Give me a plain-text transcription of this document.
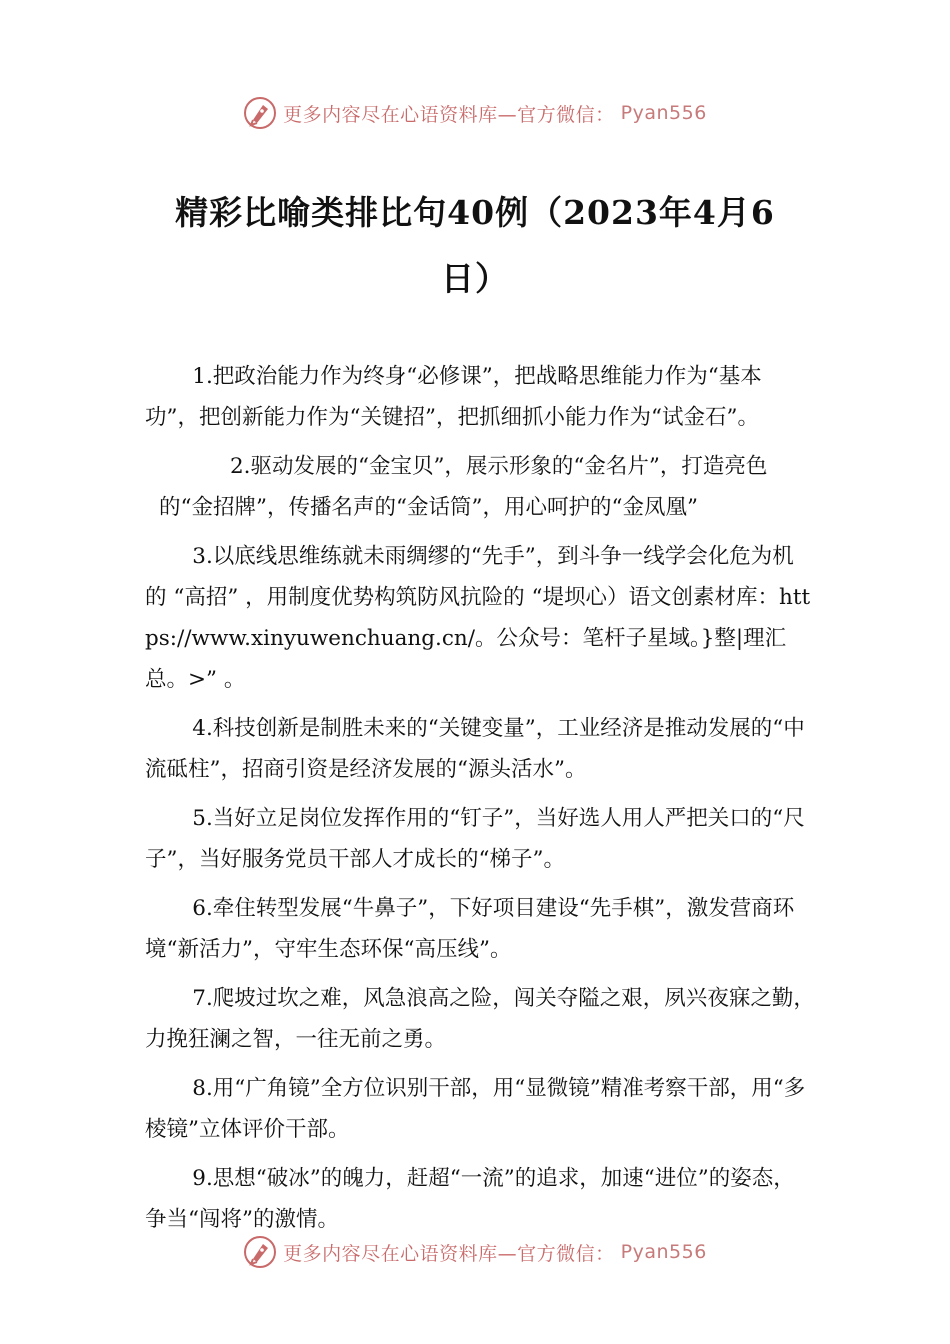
更多内容尽在心语资料库—官方微信： Pyan556
精彩比喻类排比句40例（2023年4月6日）

1.把政治能力作为终身“必修课”，把战略思维能力作为“基本功”，把创新能力作为“关键招”，把抓细抓小能力作为“试金石”。

2.驱动发展的“金宝贝”，展示形象的“金名片”，打造亮色的“金招牌”，传播名声的“金话筒”，用心呵护的“金凤凰”

3.以底线思维练就未雨绸缪的“先手”，到斗争一线学会化危为机的 “高招” ，用制度优势构筑防风抗险的 “堤坝心）语文创素材库：https://www.xinyuwenchuang.cn/。公众号：笔杆子星域。}整|理汇总。>” 。

4.科技创新是制胜未来的“关键变量”，工业经济是推动发展的“中流砥柱”，招商引资是经济发展的“源头活水”。

5.当好立足岗位发挥作用的“钉子”，当好选人用人严把关口的“尺子”，当好服务党员干部人才成长的“梯子”。

6.牵住转型发展“牛鼻子”，下好项目建设“先手棋”，激发营商环境“新活力”，守牢生态环保“高压线”。

7.爬坡过坎之难，风急浪高之险，闯关夺隘之艰，夙兴夜寐之勤，力挽狂澜之智，一往无前之勇。

8.用“广角镜”全方位识别干部，用“显微镜”精准考察干部，用“多棱镜”立体评价干部。

9.思想“破冰”的魄力，赶超“一流”的追求，加速“进位”的姿态，争当“闯将”的激情。

更多内容尽在心语资料库—官方微信： Pyan556
